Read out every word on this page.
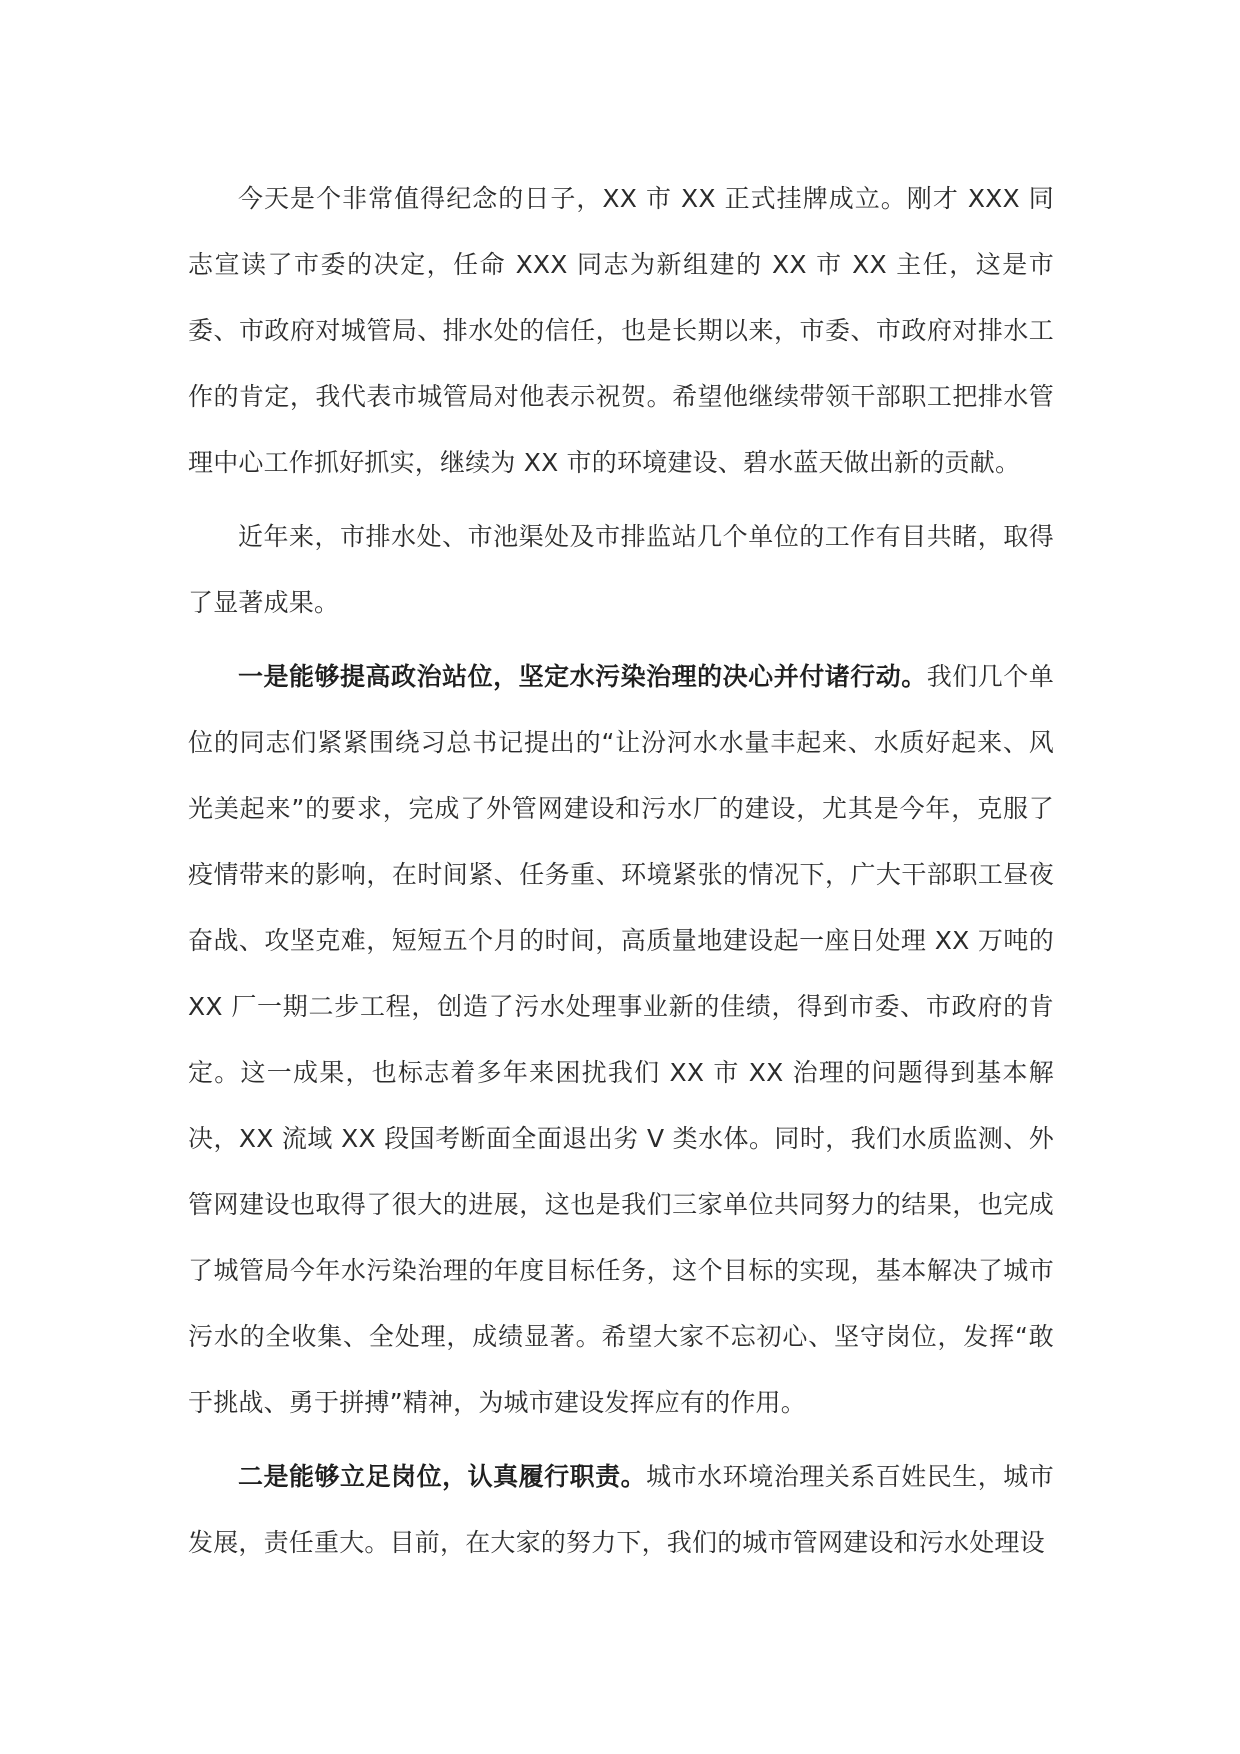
今天是个非常值得纪念的日子，XX 市 XX 正式挂牌成立。刚才 XXX 同志宣读了市委的决定，任命 XXX 同志为新组建的 XX 市 XX 主任，这是市委、市政府对城管局、排水处的信任，也是长期以来，市委、市政府对排水工作的肯定，我代表市城管局对他表示祝贺。希望他继续带领干部职工把排水管理中心工作抓好抓实，继续为 XX 市的环境建设、碧水蓝天做出新的贡献。

近年来，市排水处、市池渠处及市排监站几个单位的工作有目共睹，取得了显著成果。

一是能够提高政治站位，坚定水污染治理的决心并付诸行动。我们几个单位的同志们紧紧围绕习总书记提出的“让汾河水水量丰起来、水质好起来、风光美起来”的要求，完成了外管网建设和污水厂的建设，尤其是今年，克服了疫情带来的影响，在时间紧、任务重、环境紧张的情况下，广大干部职工昼夜奋战、攻坚克难，短短五个月的时间，高质量地建设起一座日处理 XX 万吨的 XX 厂一期二步工程，创造了污水处理事业新的佳绩，得到市委、市政府的肯定。这一成果，也标志着多年来困扰我们 XX 市 XX 治理的问题得到基本解决，XX 流域 XX 段国考断面全面退出劣 V 类水体。同时，我们水质监测、外管网建设也取得了很大的进展，这也是我们三家单位共同努力的结果，也完成了城管局今年水污染治理的年度目标任务，这个目标的实现，基本解决了城市污水的全收集、全处理，成绩显著。希望大家不忘初心、坚守岗位，发挥“敢于挑战、勇于拼搏”精神，为城市建设发挥应有的作用。

二是能够立足岗位，认真履行职责。城市水环境治理关系百姓民生，城市发展，责任重大。目前，在大家的努力下，我们的城市管网建设和污水处理设
